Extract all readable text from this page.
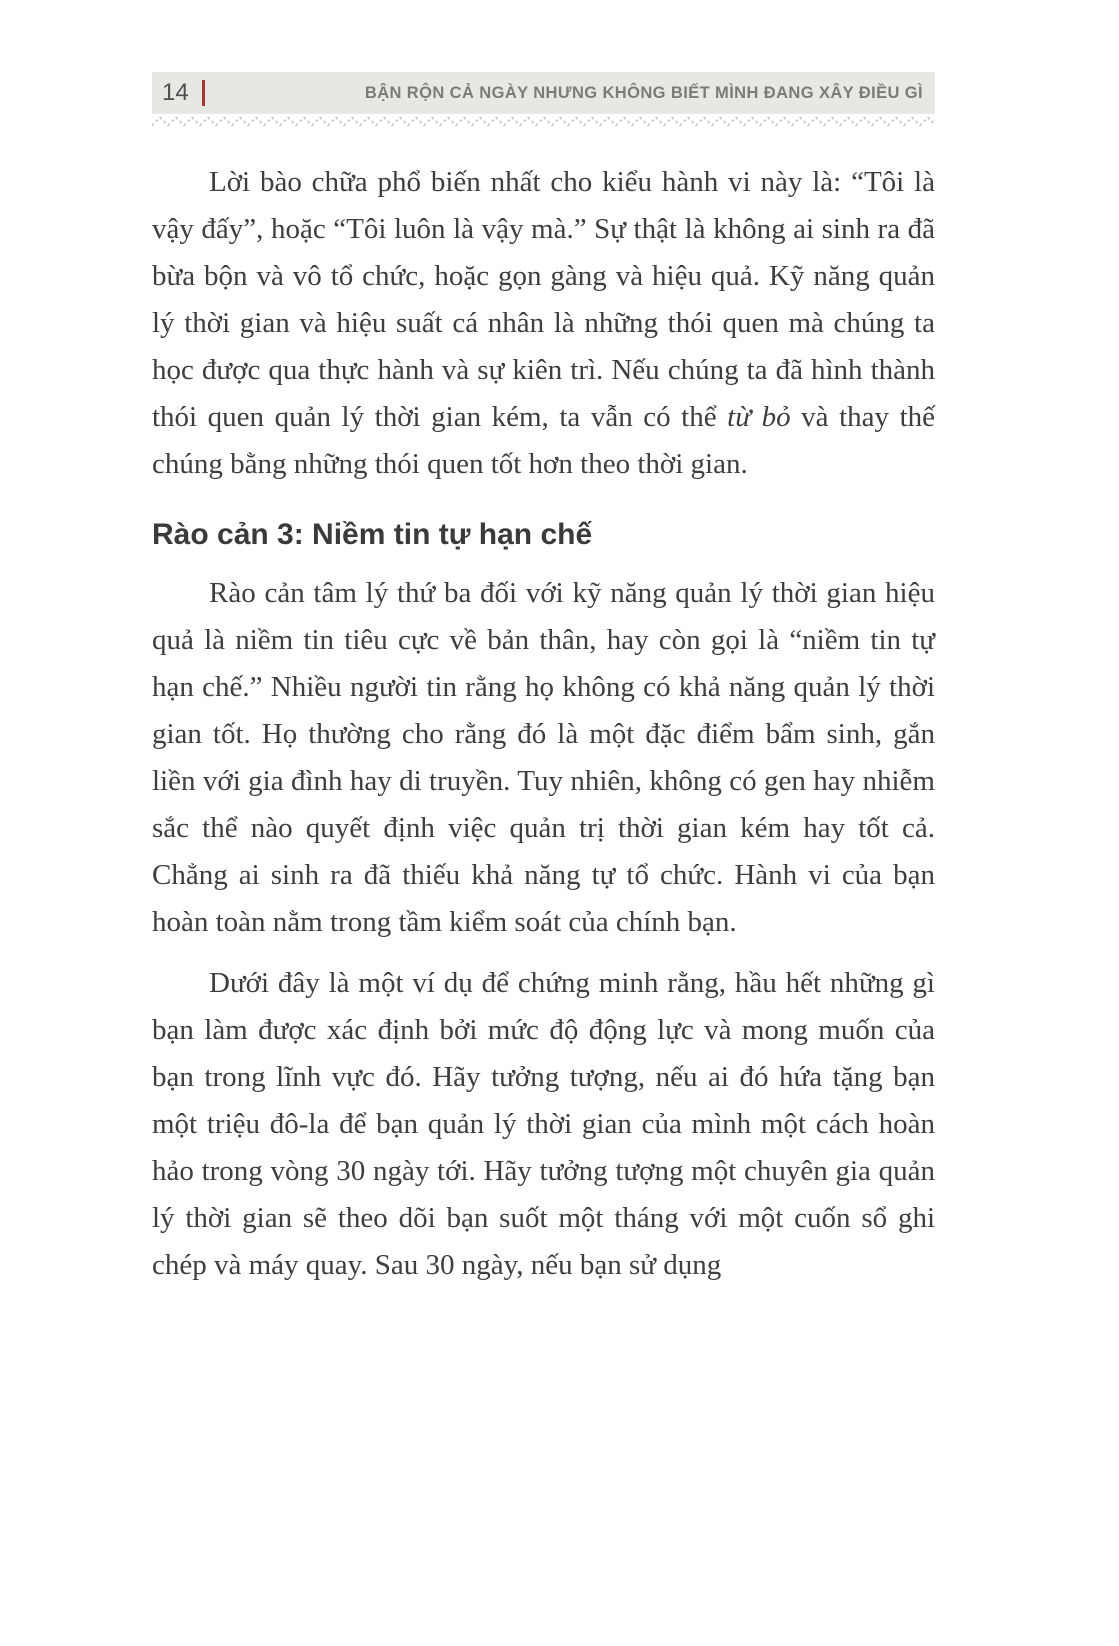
14	BẬN RỘN CẢ NGÀY NHƯNG KHÔNG BIẾT MÌNH ĐANG XÂY ĐIỀU GÌ

Lời bào chữa phổ biến nhất cho kiểu hành vi này là: “Tôi là vậy đấy”, hoặc “Tôi luôn là vậy mà.” Sự thật là không ai sinh ra đã bừa bộn và vô tổ chức, hoặc gọn gàng và hiệu quả. Kỹ năng quản lý thời gian và hiệu suất cá nhân là những thói quen mà chúng ta học được qua thực hành và sự kiên trì. Nếu chúng ta đã hình thành thói quen quản lý thời gian kém, ta vẫn có thể từ bỏ và thay thế chúng bằng những thói quen tốt hơn theo thời gian.

Rào cản 3: Niềm tin tự hạn chế

Rào cản tâm lý thứ ba đối với kỹ năng quản lý thời gian hiệu quả là niềm tin tiêu cực về bản thân, hay còn gọi là “niềm tin tự hạn chế.” Nhiều người tin rằng họ không có khả năng quản lý thời gian tốt. Họ thường cho rằng đó là một đặc điểm bẩm sinh, gắn liền với gia đình hay di truyền. Tuy nhiên, không có gen hay nhiễm sắc thể nào quyết định việc quản trị thời gian kém hay tốt cả. Chẳng ai sinh ra đã thiếu khả năng tự tổ chức. Hành vi của bạn hoàn toàn nằm trong tầm kiểm soát của chính bạn.

Dưới đây là một ví dụ để chứng minh rằng, hầu hết những gì bạn làm được xác định bởi mức độ động lực và mong muốn của bạn trong lĩnh vực đó. Hãy tưởng tượng, nếu ai đó hứa tặng bạn một triệu đô-la để bạn quản lý thời gian của mình một cách hoàn hảo trong vòng 30 ngày tới. Hãy tưởng tượng một chuyên gia quản lý thời gian sẽ theo dõi bạn suốt một tháng với một cuốn sổ ghi chép và máy quay. Sau 30 ngày, nếu bạn sử dụng
